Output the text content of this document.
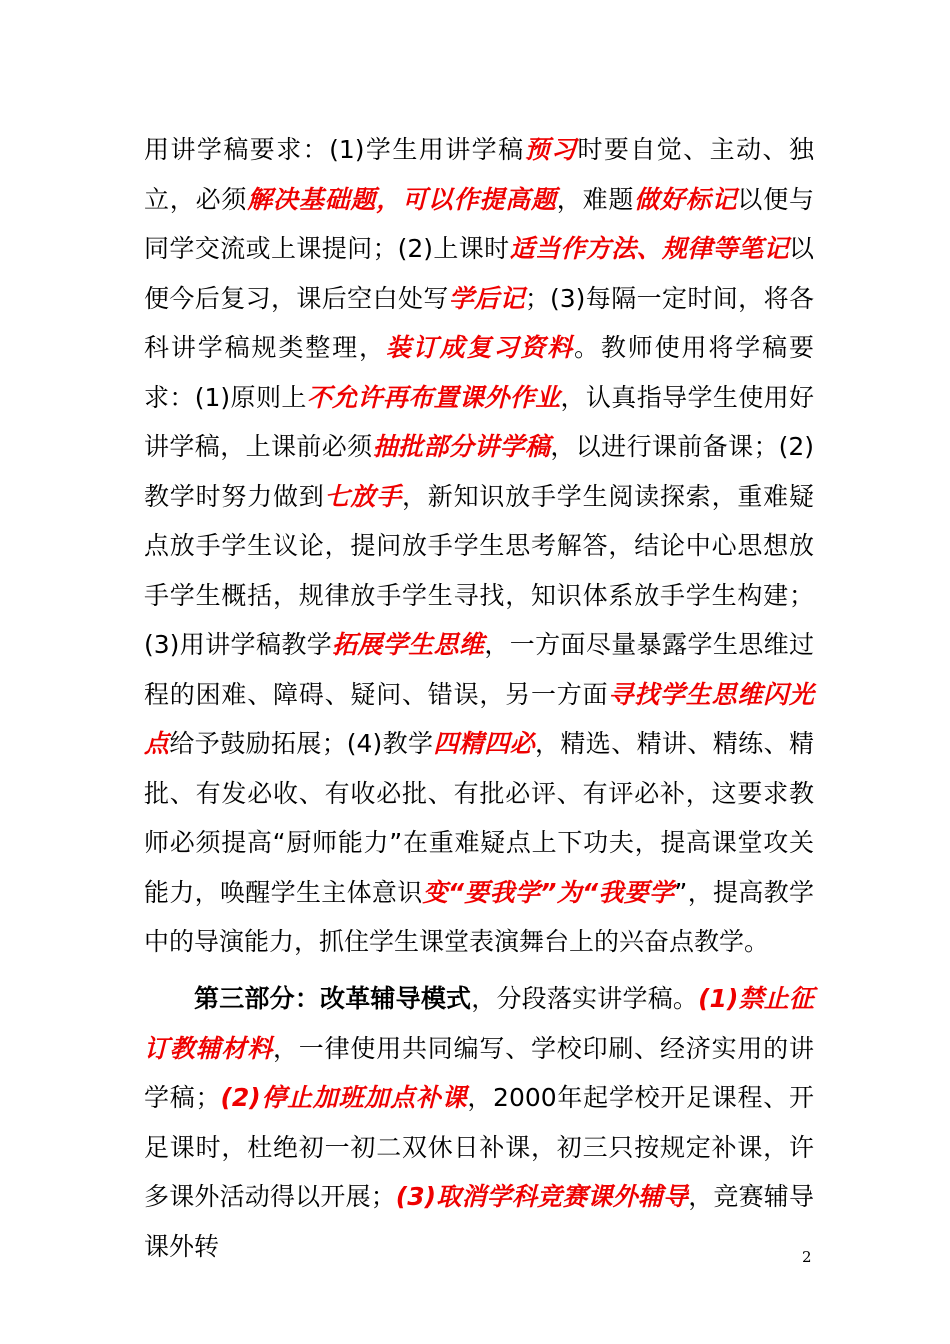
用讲学稿要求：(1)学生用讲学稿预习时要自觉、主动、独立，必须解决基础题，可以作提高题，难题做好标记以便与同学交流或上课提问；(2)上课时适当作方法、规律等笔记以便今后复习，课后空白处写学后记；(3)每隔一定时间，将各科讲学稿规类整理，装订成复习资料。教师使用将学稿要求：(1)原则上不允许再布置课外作业，认真指导学生使用好讲学稿，上课前必须抽批部分讲学稿，以进行课前备课；(2)教学时努力做到七放手，新知识放手学生阅读探索，重难疑点放手学生议论，提问放手学生思考解答，结论中心思想放手学生概括，规律放手学生寻找，知识体系放手学生构建；(3)用讲学稿教学拓展学生思维，一方面尽量暴露学生思维过程的困难、障碍、疑问、错误，另一方面寻找学生思维闪光点给予鼓励拓展；(4)教学四精四必，精选、精讲、精练、精批、有发必收、有收必批、有批必评、有评必补，这要求教师必须提高“厨师能力”在重难疑点上下功夫，提高课堂攻关能力，唤醒学生主体意识变“要我学”为“我要学”，提高教学中的导演能力，抓住学生课堂表演舞台上的兴奋点教学。
第三部分：改革辅导模式，分段落实讲学稿。(1)禁止征订教辅材料，一律使用共同编写、学校印刷、经济实用的讲学稿；(2)停止加班加点补课，2000年起学校开足课程、开足课时，杜绝初一初二双休日补课，初三只按规定补课，许多课外活动得以开展；(3)取消学科竞赛课外辅导，竞赛辅导课外转	2
